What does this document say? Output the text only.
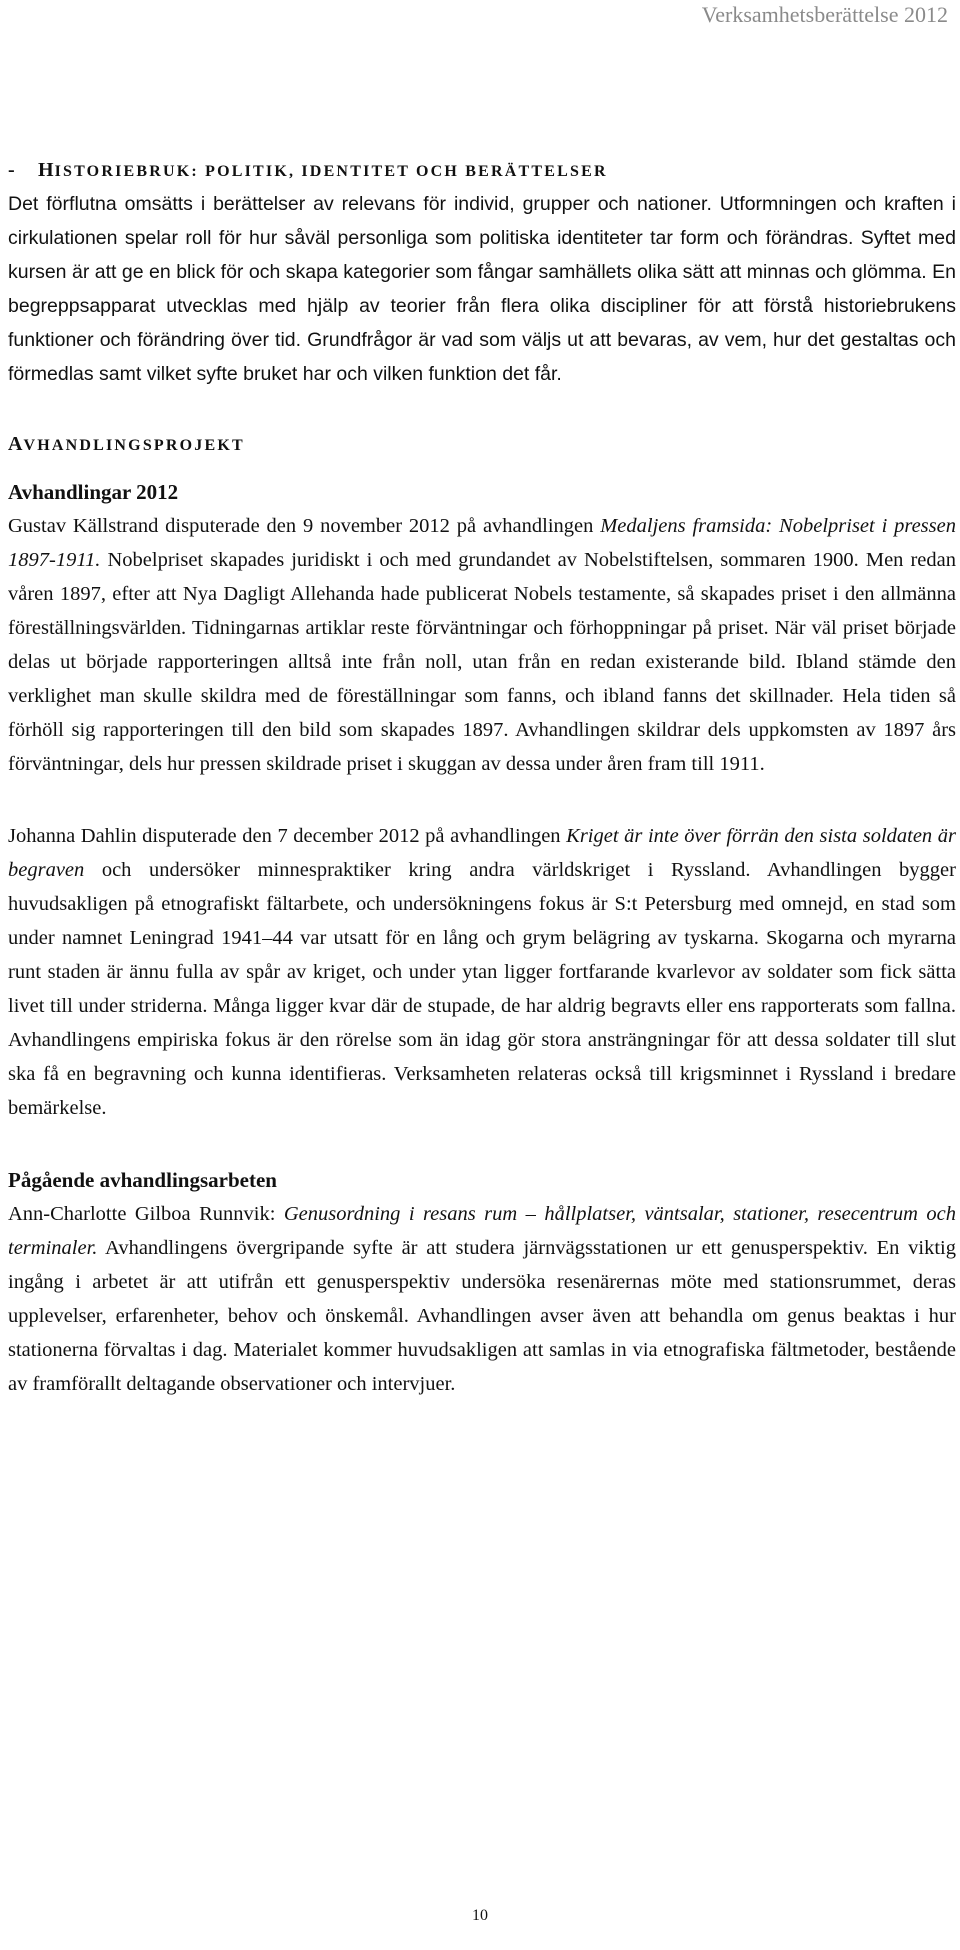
Verksamhetsberättelse 2012
- HISTORIEBRUK: POLITIK, IDENTITET OCH BERÄTTELSER

Det förflutna omsätts i berättelser av relevans för individ, grupper och nationer. Utformningen och kraften i cirkulationen spelar roll för hur såväl personliga som politiska identiteter tar form och förändras. Syftet med kursen är att ge en blick för och skapa kategorier som fångar samhällets olika sätt att minnas och glömma. En begreppsapparat utvecklas med hjälp av teorier från flera olika discipliner för att förstå historiebrukens funktioner och förändring över tid. Grundfrågor är vad som väljs ut att bevaras, av vem, hur det gestaltas och förmedlas samt vilket syfte bruket har och vilken funktion det får.

AVHANDLINGSPROJEKT
Avhandlingar 2012

Gustav Källstrand disputerade den 9 november 2012 på avhandlingen Medaljens framsida: Nobelpriset i pressen 1897-1911. Nobelpriset skapades juridiskt i och med grundandet av Nobelstiftelsen, sommaren 1900. Men redan våren 1897, efter att Nya Dagligt Allehanda hade publicerat Nobels testamente, så skapades priset i den allmänna föreställningsvärlden. Tidningarnas artiklar reste förväntningar och förhoppningar på priset. När väl priset började delas ut började rapporteringen alltså inte från noll, utan från en redan existerande bild. Ibland stämde den verklighet man skulle skildra med de föreställningar som fanns, och ibland fanns det skillnader. Hela tiden så förhöll sig rapporteringen till den bild som skapades 1897. Avhandlingen skildrar dels uppkomsten av 1897 års förväntningar, dels hur pressen skildrade priset i skuggan av dessa under åren fram till 1911.

Johanna Dahlin disputerade den 7 december 2012 på avhandlingen Kriget är inte över förrän den sista soldaten är begraven och undersöker minnespraktiker kring andra världskriget i Ryssland. Avhandlingen bygger huvudsakligen på etnografiskt fältarbete, och undersökningens fokus är S:t Petersburg med omnejd, en stad som under namnet Leningrad 1941–44 var utsatt för en lång och grym belägring av tyskarna. Skogarna och myrarna runt staden är ännu fulla av spår av kriget, och under ytan ligger fortfarande kvarlevor av soldater som fick sätta livet till under striderna. Många ligger kvar där de stupade, de har aldrig begravts eller ens rapporterats som fallna. Avhandlingens empiriska fokus är den rörelse som än idag gör stora ansträngningar för att dessa soldater till slut ska få en begravning och kunna identifieras. Verksamheten relateras också till krigsminnet i Ryssland i bredare bemärkelse.

Pågående avhandlingsarbeten

Ann-Charlotte Gilboa Runnvik: Genusordning i resans rum – hållplatser, väntsalar, stationer, resecentrum och terminaler. Avhandlingens övergripande syfte är att studera järnvägsstationen ur ett genusperspektiv. En viktig ingång i arbetet är att utifrån ett genusperspektiv undersöka resenärernas möte med stationsrummet, deras upplevelser, erfarenheter, behov och önskemål. Avhandlingen avser även att behandla om genus beaktas i hur stationerna förvaltas i dag. Materialet kommer huvudsakligen att samlas in via etnografiska fältmetoder, bestående av framförallt deltagande observationer och intervjuer.

10
